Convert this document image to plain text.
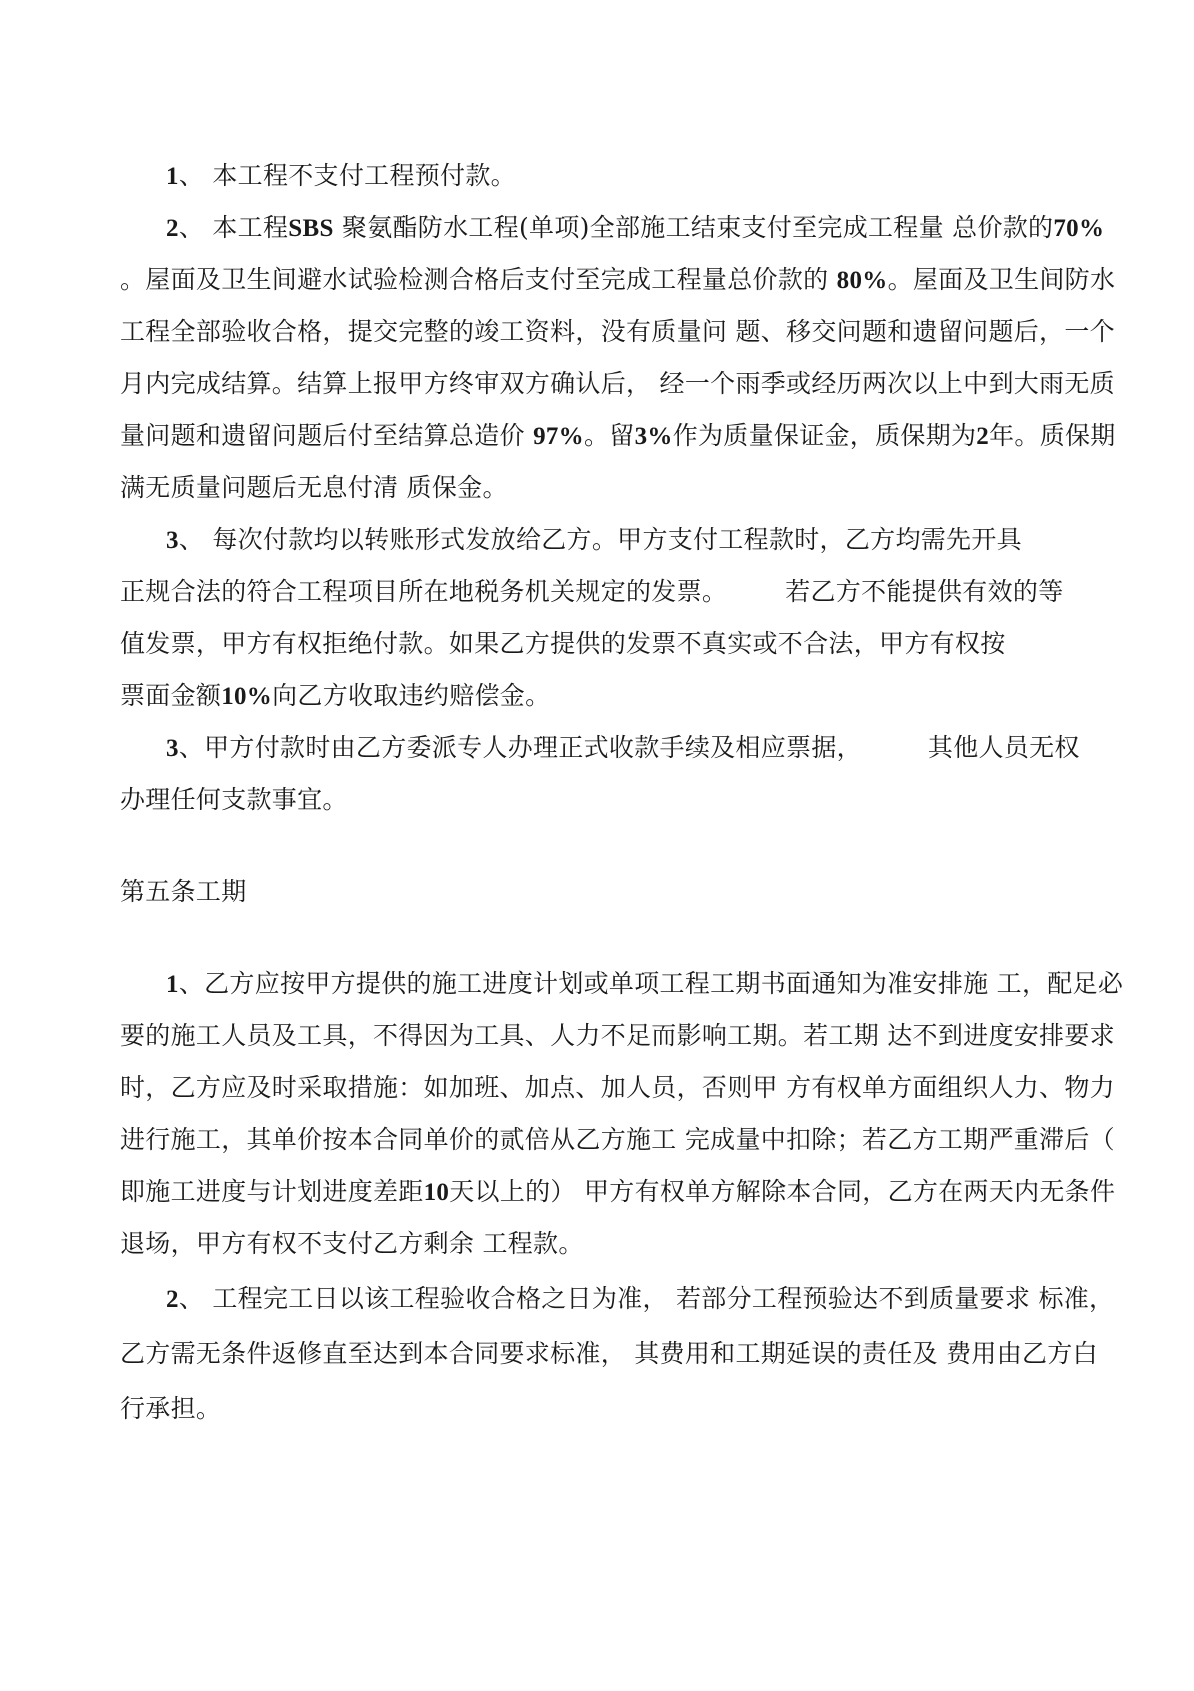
1、 本工程不支付工程预付款。
2、 本工程SBS 聚氨酯防水工程(单项)全部施工结束支付至完成工程量 总价款的70%
。屋面及卫生间避水试验检测合格后支付至完成工程量总价款的 80%。屋面及卫生间防水
工程全部验收合格，提交完整的竣工资料，没有质量问 题、移交问题和遗留问题后，一个
月内完成结算。结算上报甲方终审双方确认后， 经一个雨季或经历两次以上中到大雨无质
量问题和遗留问题后付至结算总造价 97%。留3%作为质量保证金，质保期为2年。质保期
满无质量问题后无息付清 质保金。
3、 每次付款均以转账形式发放给乙方。甲方支付工程款时，乙方均需先开具
正规合法的符合工程项目所在地税务机关规定的发票。 若乙方不能提供有效的等
值发票，甲方有权拒绝付款。如果乙方提供的发票不真实或不合法，甲方有权按
票面金额10%向乙方收取违约赔偿金。
3、甲方付款时由乙方委派专人办理正式收款手续及相应票据，	其他人员无权
办理任何支款事宜。
第五条工期
1、乙方应按甲方提供的施工进度计划或单项工程工期书面通知为准安排施 工，配足必
要的施工人员及工具，不得因为工具、人力不足而影响工期。若工期 达不到进度安排要求
时，乙方应及时采取措施：如加班、加点、加人员，否则甲 方有权单方面组织人力、物力
进行施工，其单价按本合同单价的贰倍从乙方施工 完成量中扣除；若乙方工期严重滞后（
即施工进度与计划进度差距10天以上的） 甲方有权单方解除本合同，乙方在两天内无条件
退场，甲方有权不支付乙方剩余 工程款。
2、 工程完工日以该工程验收合格之日为准， 若部分工程预验达不到质量要求 标准，
乙方需无条件返修直至达到本合同要求标准， 其费用和工期延误的责任及 费用由乙方白
行承担。
